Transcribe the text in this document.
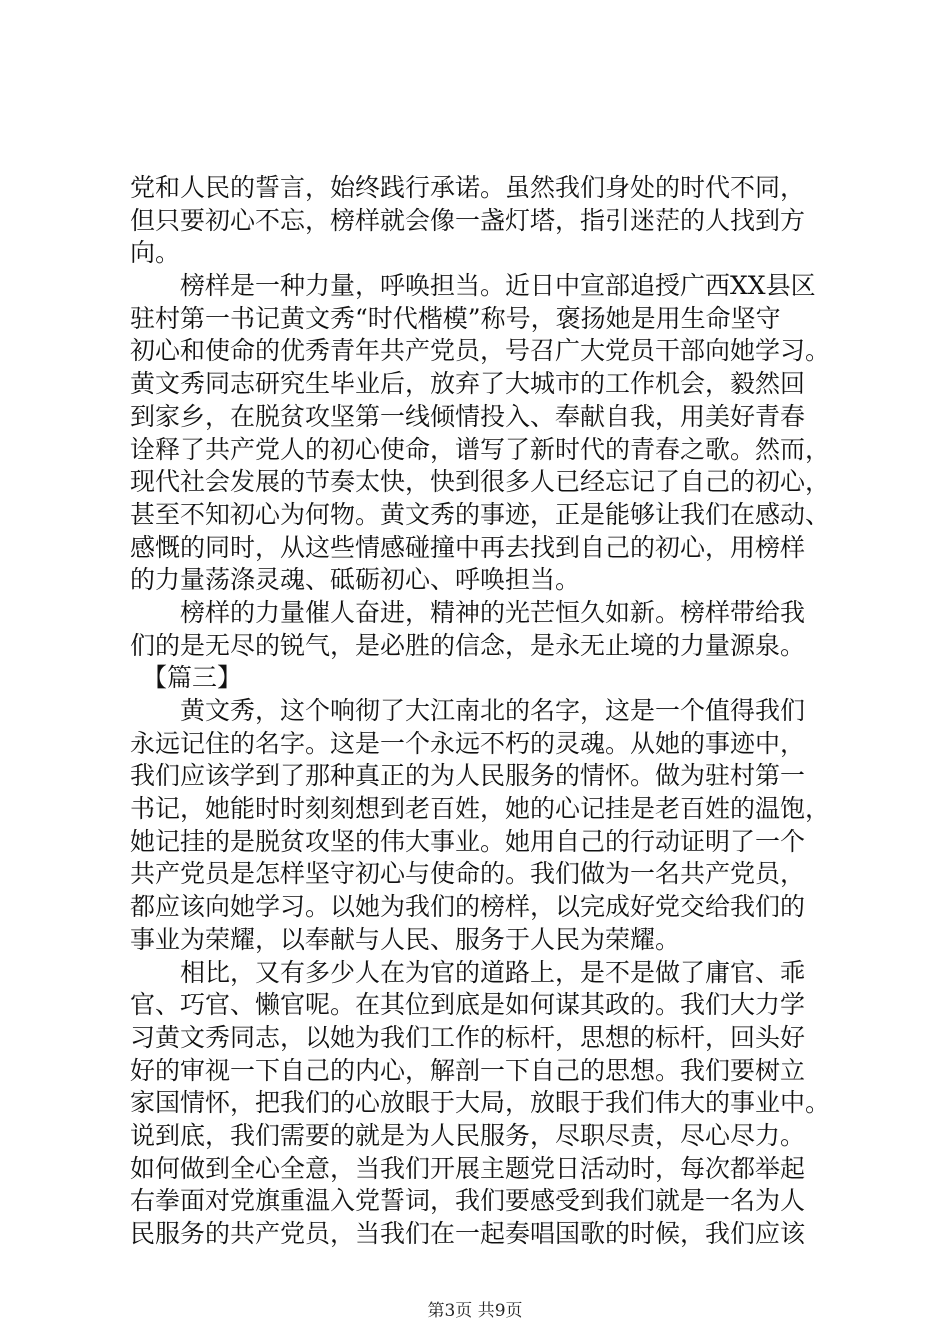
党和人民的誓言，始终践行承诺。虽然我们身处的时代不同，
但只要初心不忘，榜样就会像一盏灯塔，指引迷茫的人找到方
向。
榜样是一种力量，呼唤担当。近日中宣部追授广西XX县区
驻村第一书记黄文秀“时代楷模”称号，褒扬她是用生命坚守
初心和使命的优秀青年共产党员，号召广大党员干部向她学习。
黄文秀同志研究生毕业后，放弃了大城市的工作机会，毅然回
到家乡，在脱贫攻坚第一线倾情投入、奉献自我，用美好青春
诠释了共产党人的初心使命，谱写了新时代的青春之歌。然而，
现代社会发展的节奏太快，快到很多人已经忘记了自己的初心，
甚至不知初心为何物。黄文秀的事迹，正是能够让我们在感动、
感慨的同时，从这些情感碰撞中再去找到自己的初心，用榜样
的力量荡涤灵魂、砥砺初心、呼唤担当。
榜样的力量催人奋进，精神的光芒恒久如新。榜样带给我
们的是无尽的锐气，是必胜的信念，是永无止境的力量源泉。
【篇三】
黄文秀，这个响彻了大江南北的名字，这是一个值得我们
永远记住的名字。这是一个永远不朽的灵魂。从她的事迹中，
我们应该学到了那种真正的为人民服务的情怀。做为驻村第一
书记，她能时时刻刻想到老百姓，她的心记挂是老百姓的温饱，
她记挂的是脱贫攻坚的伟大事业。她用自己的行动证明了一个
共产党员是怎样坚守初心与使命的。我们做为一名共产党员，
都应该向她学习。以她为我们的榜样，以完成好党交给我们的
事业为荣耀，以奉献与人民、服务于人民为荣耀。
相比，又有多少人在为官的道路上，是不是做了庸官、乖
官、巧官、懒官呢。在其位到底是如何谋其政的。我们大力学
习黄文秀同志，以她为我们工作的标杆，思想的标杆，回头好
好的审视一下自己的内心，解剖一下自己的思想。我们要树立
家国情怀，把我们的心放眼于大局，放眼于我们伟大的事业中。
说到底，我们需要的就是为人民服务，尽职尽责，尽心尽力。
如何做到全心全意，当我们开展主题党日活动时，每次都举起
右拳面对党旗重温入党誓词，我们要感受到我们就是一名为人
民服务的共产党员，当我们在一起奏唱国歌的时候，我们应该
第3页 共9页
